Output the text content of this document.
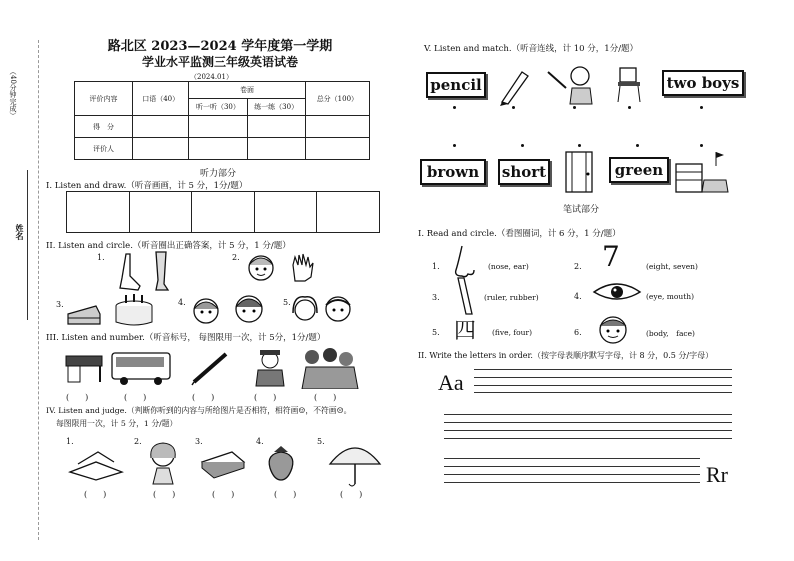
（40分钟完成）
姓名
路北区 2023—2024 学年度第一学期
学业水平监测三年级英语试卷
（2024.01）
评价内容	口语（40）	卷面		总分（100）
		听一听（30）	练一练（30）	
得　分				
评价人				
听力部分
I. Listen and draw.（听音画画，计 5 分，1分/题）
II. Listen and circle.（听音圈出正确答案，计 5 分，1 分/题）
1.	2.
3.	4.	5.
III. Listen and number.（听音标号， 每图限用一次，计 5分，1分/题）
(　　)	(　　)	(　　)	(　　)	(　　)
IV. Listen and judge.（判断你听到的内容与所给图片是否相符，相符画☺，不符画☹。
每图限用一次，计 5 分，1 分/题）
1.	2.	3.	4.	5.
(　　)	(　　)	(　　)	(　　)	(　　)
V. Listen and match.（听音连线，计 10 分，1分/题）
pencil	two boys
brown	short	green
笔试部分
I. Read and circle.（看图圈词，计 6 分，1 分/题）
1.	(nose, ear)	2. 7	(eight, seven)
3.	(ruler, rubber)	4.	(eye, mouth)
5. 四 (five, four)	6.	(body,　face)
II. Write the letters in order.（按字母表顺序默写字母，计 8 分，0.5 分/字母）
Aa
Rr
